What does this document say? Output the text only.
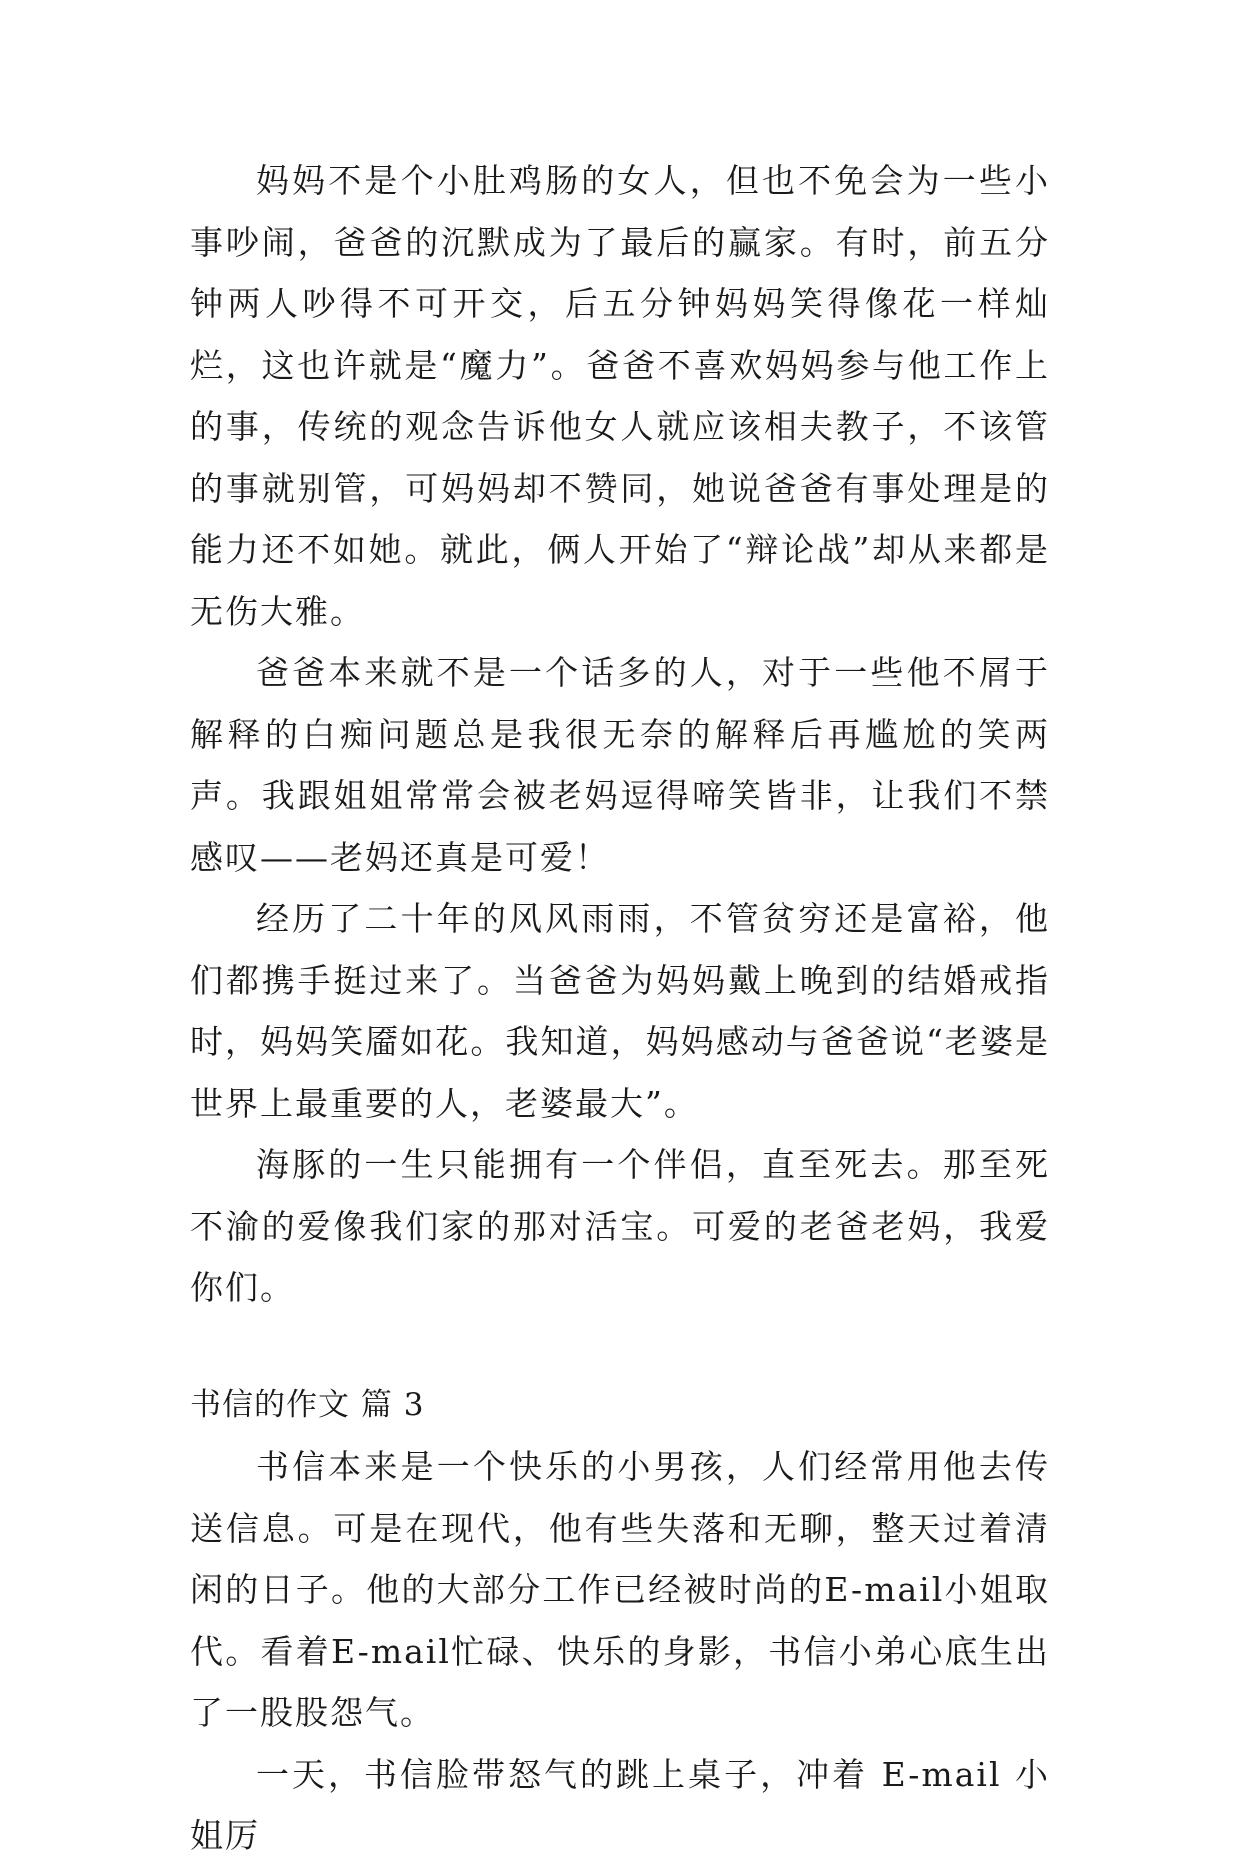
妈妈不是个小肚鸡肠的女人，但也不免会为一些小事吵闹，爸爸的沉默成为了最后的赢家。有时，前五分钟两人吵得不可开交，后五分钟妈妈笑得像花一样灿烂，这也许就是“魔力”。爸爸不喜欢妈妈参与他工作上的事，传统的观念告诉他女人就应该相夫教子，不该管的事就别管，可妈妈却不赞同，她说爸爸有事处理是的能力还不如她。就此，俩人开始了“辩论战”却从来都是无伤大雅。

爸爸本来就不是一个话多的人，对于一些他不屑于解释的白痴问题总是我很无奈的解释后再尴尬的笑两声。我跟姐姐常常会被老妈逗得啼笑皆非，让我们不禁感叹——老妈还真是可爱！

经历了二十年的风风雨雨，不管贫穷还是富裕，他们都携手挺过来了。当爸爸为妈妈戴上晚到的结婚戒指时，妈妈笑靥如花。我知道，妈妈感动与爸爸说“老婆是世界上最重要的人，老婆最大”。

海豚的一生只能拥有一个伴侣，直至死去。那至死不渝的爱像我们家的那对活宝。可爱的老爸老妈，我爱你们。

书信的作文 篇 3

书信本来是一个快乐的小男孩，人们经常用他去传送信息。可是在现代，他有些失落和无聊，整天过着清闲的日子。他的大部分工作已经被时尚的E-mail小姐取代。看着E-mail忙碌、快乐的身影，书信小弟心底生出了一股股怨气。

一天，书信脸带怒气的跳上桌子，冲着 E-mail 小姐厉
